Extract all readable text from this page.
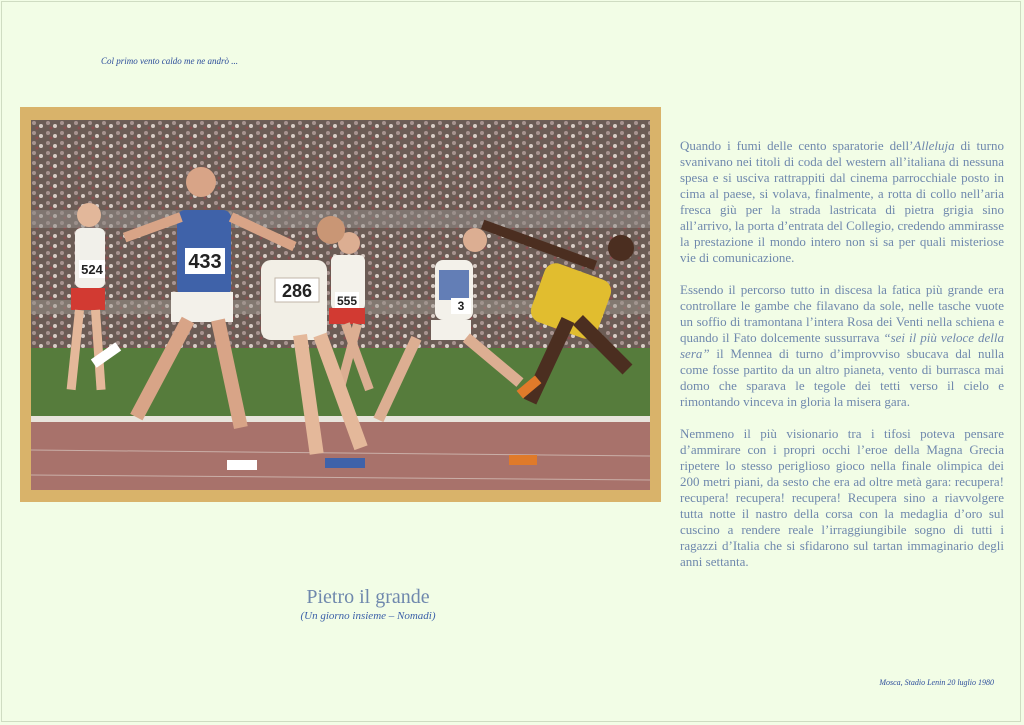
Col primo vento caldo me ne andrò ...
524
555
433
286
3
Pietro il grande
(Un giorno insieme – Nomadi)

Quando i fumi delle cento sparatorie dell’Alleluja di turno svanivano nei titoli di coda del western all’italiana di nessuna spesa e si usciva rattrappiti dal cinema parrocchiale posto in cima al paese, si volava, finalmente, a rotta di collo nell’aria fresca giù per la strada lastricata di pietra grigia sino all’arrivo, la porta d’entrata del Collegio, credendo ammirasse la prestazione il mondo intero non si sa per quali misteriose vie di comunicazione.

Essendo il percorso tutto in discesa la fatica più grande era controllare le gambe che filavano da sole, nelle tasche vuote un soffio di tramontana l’intera Rosa dei Venti nella schiena e quando il Fato dolcemente sussurrava “sei il più veloce della sera” il Mennea di turno d’improvviso sbucava dal nulla come fosse partito da un altro pianeta, vento di burrasca mai domo che sparava le tegole dei tetti verso il cielo e rimontando vinceva in gloria la misera gara.

Nemmeno il più visionario tra i tifosi poteva pensare d’ammirare con i propri occhi l’eroe della Magna Grecia ripetere lo stesso periglioso gioco nella finale olimpica dei 200 metri piani, da sesto che era ad oltre metà gara: recupera! recupera! recupera! recupera! Recupera sino a riavvolgere tutta notte il nastro della corsa con la medaglia d’oro sul cuscino a rendere reale l’irraggiungibile sogno di tutti i ragazzi d’Italia che si sfidarono sul tartan immaginario degli anni settanta.

Mosca, Stadio Lenin 20 luglio 1980
